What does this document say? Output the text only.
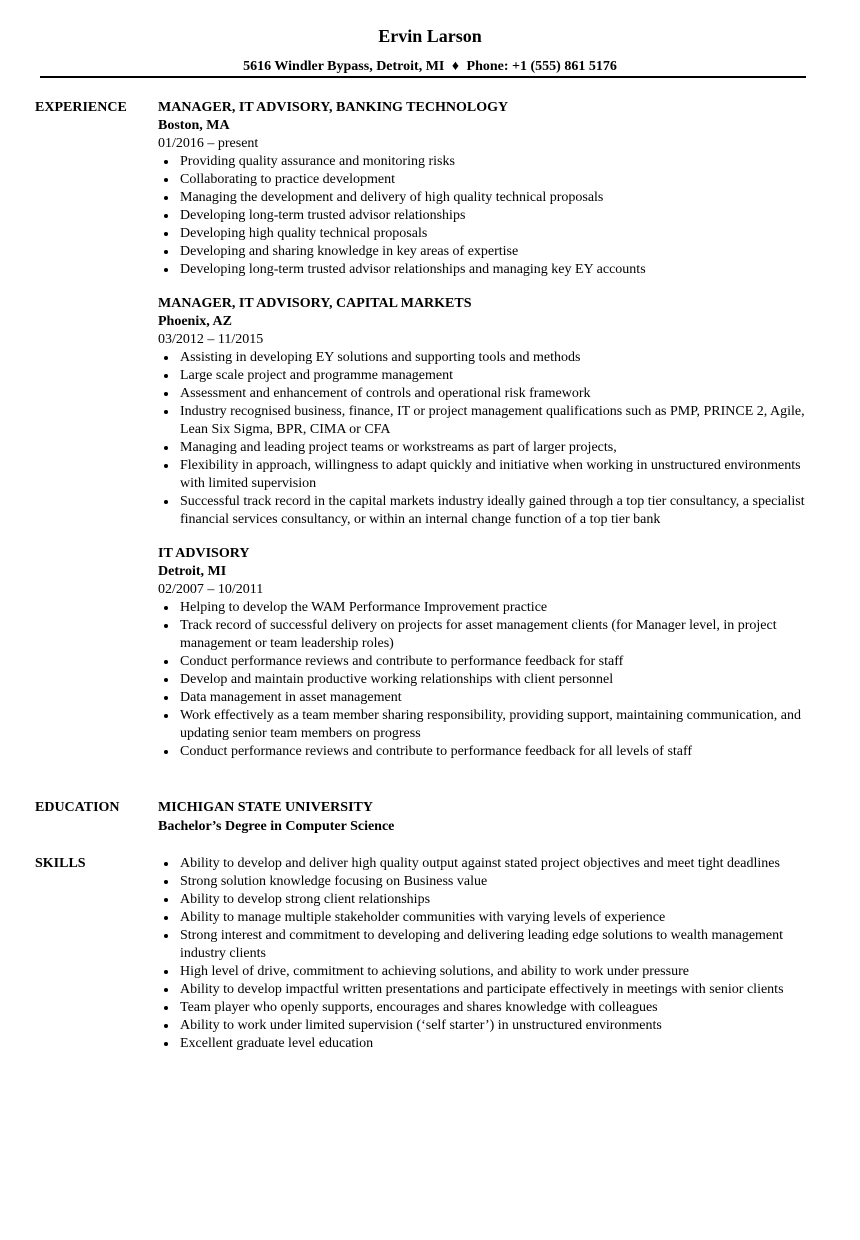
Ervin Larson
5616 Windler Bypass, Detroit, MI ♦ Phone: +1 (555) 861 5176
EXPERIENCE MANAGER, IT ADVISORY, BANKING TECHNOLOGY
Boston, MA
01/2016 – present
Providing quality assurance and monitoring risks
Collaborating to practice development
Managing the development and delivery of high quality technical proposals
Developing long-term trusted advisor relationships
Developing high quality technical proposals
Developing and sharing knowledge in key areas of expertise
Developing long-term trusted advisor relationships and managing key EY accounts
MANAGER, IT ADVISORY, CAPITAL MARKETS
Phoenix, AZ
03/2012 – 11/2015
Assisting in developing EY solutions and supporting tools and methods
Large scale project and programme management
Assessment and enhancement of controls and operational risk framework
Industry recognised business, finance, IT or project management qualifications such as PMP, PRINCE 2, Agile, Lean Six Sigma, BPR, CIMA or CFA
Managing and leading project teams or workstreams as part of larger projects,
Flexibility in approach, willingness to adapt quickly and initiative when working in unstructured environments with limited supervision
Successful track record in the capital markets industry ideally gained through a top tier consultancy, a specialist financial services consultancy, or within an internal change function of a top tier bank
IT ADVISORY
Detroit, MI
02/2007 – 10/2011
Helping to develop the WAM Performance Improvement practice
Track record of successful delivery on projects for asset management clients (for Manager level, in project management or team leadership roles)
Conduct performance reviews and contribute to performance feedback for staff
Develop and maintain productive working relationships with client personnel
Data management in asset management
Work effectively as a team member sharing responsibility, providing support, maintaining communication, and updating senior team members on progress
Conduct performance reviews and contribute to performance feedback for all levels of staff
EDUCATION	MICHIGAN STATE UNIVERSITY
Bachelor’s Degree in Computer Science
SKILLS	Ability to develop and deliver high quality output against stated project objectives and meet tight deadlines
Strong solution knowledge focusing on Business value
Ability to develop strong client relationships
Ability to manage multiple stakeholder communities with varying levels of experience
Strong interest and commitment to developing and delivering leading edge solutions to wealth management industry clients
High level of drive, commitment to achieving solutions, and ability to work under pressure
Ability to develop impactful written presentations and participate effectively in meetings with senior clients
Team player who openly supports, encourages and shares knowledge with colleagues
Ability to work under limited supervision (‘self starter’) in unstructured environments
Excellent graduate level education
